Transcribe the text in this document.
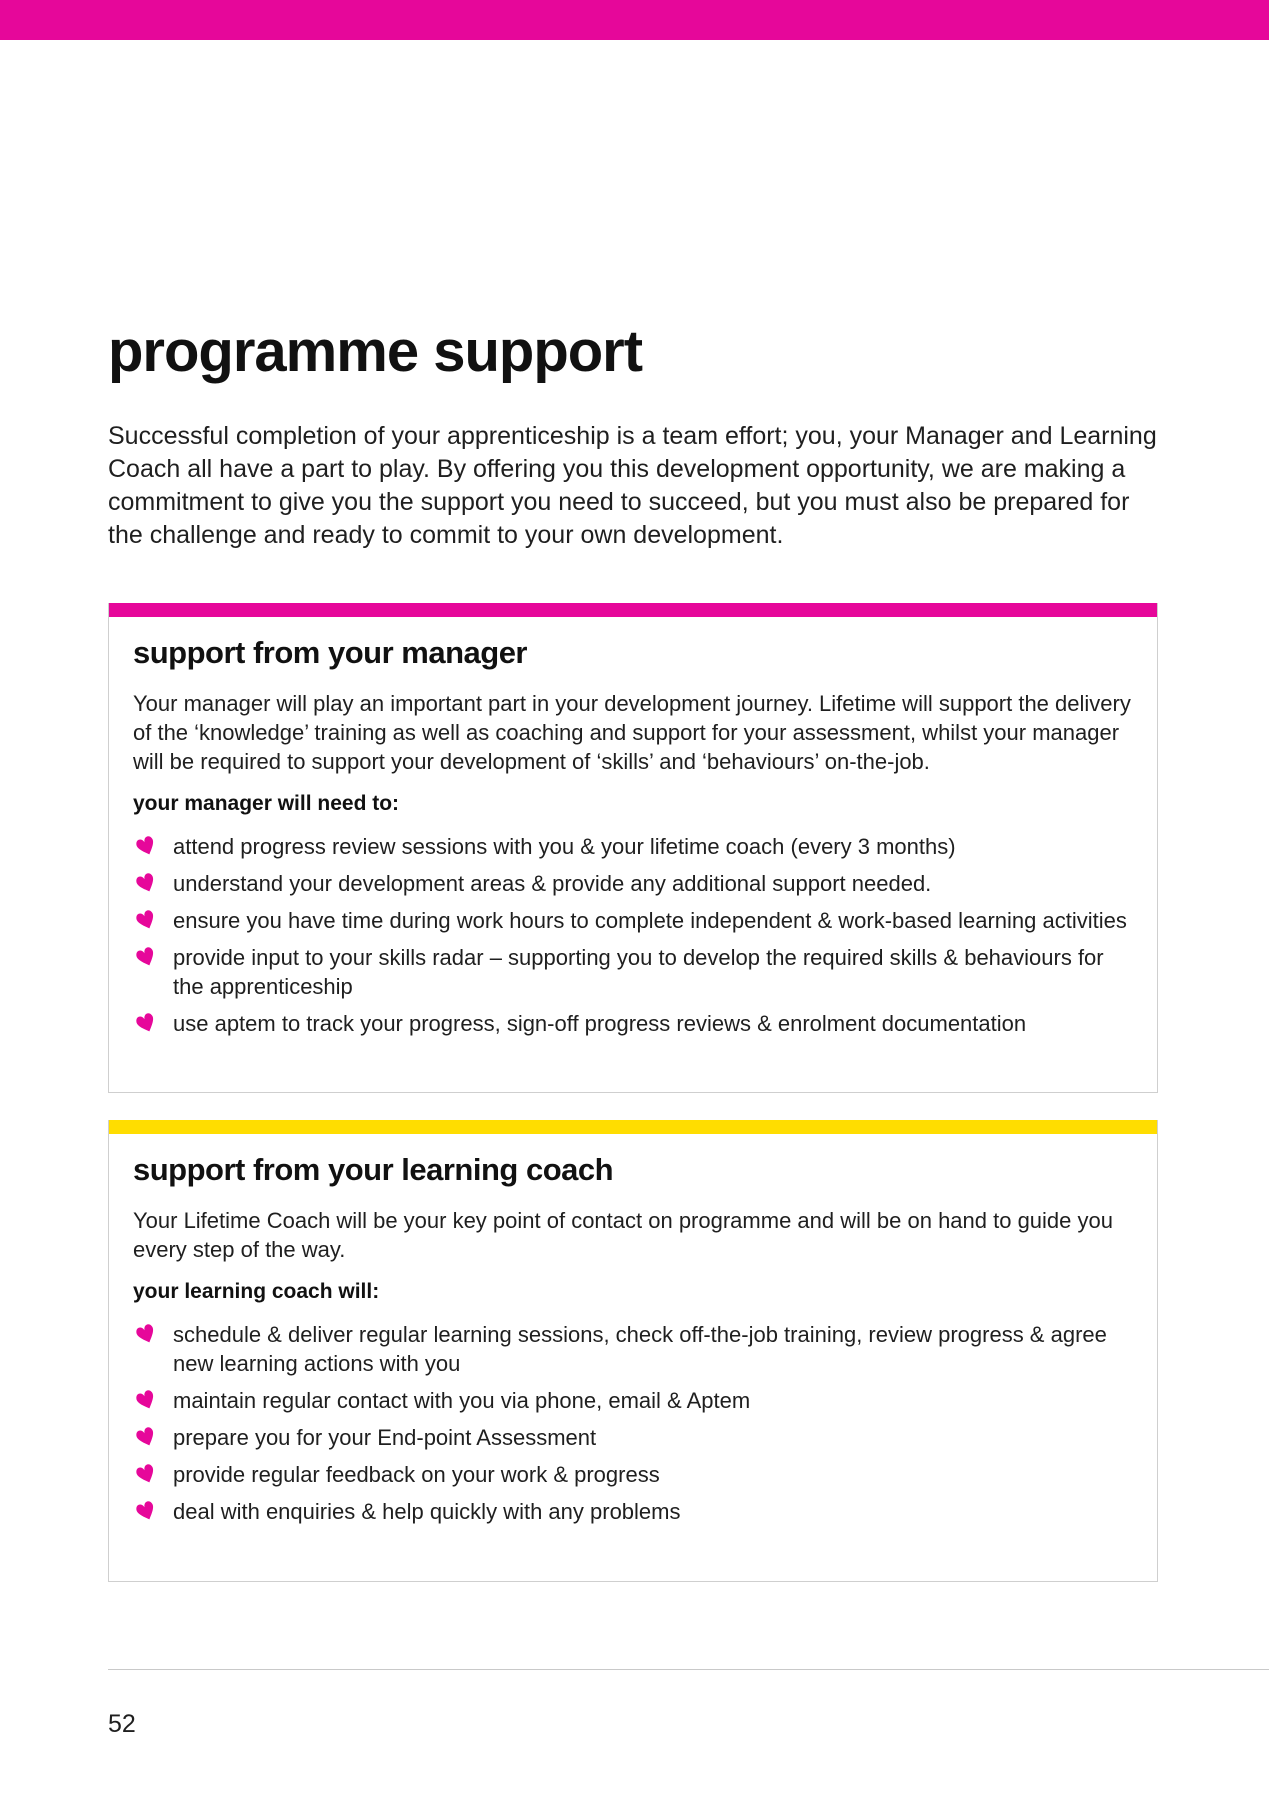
programme support

Successful completion of your apprenticeship is a team effort; you, your Manager and Learning Coach all have a part to play. By offering you this development opportunity, we are making a commitment to give you the support you need to succeed, but you must also be prepared for the challenge and ready to commit to your own development.

support from your manager

Your manager will play an important part in your development journey. Lifetime will support the delivery of the ‘knowledge’ training as well as coaching and support for your assessment, whilst your manager will be required to support your development of ‘skills’ and ‘behaviours’ on-the-job.

your manager will need to:

attend progress review sessions with you & your lifetime coach (every 3 months)
understand your development areas & provide any additional support needed.
ensure you have time during work hours to complete independent & work-based learning activities
provide input to your skills radar – supporting you to develop the required skills & behaviours for the apprenticeship
use aptem to track your progress, sign-off progress reviews & enrolment documentation
support from your learning coach

Your Lifetime Coach will be your key point of contact on programme and will be on hand to guide you every step of the way.

your learning coach will:

schedule & deliver regular learning sessions, check off-the-job training, review progress & agree new learning actions with you
maintain regular contact with you via phone, email & Aptem
prepare you for your End-point Assessment
provide regular feedback on your work & progress
deal with enquiries & help quickly with any problems
52
